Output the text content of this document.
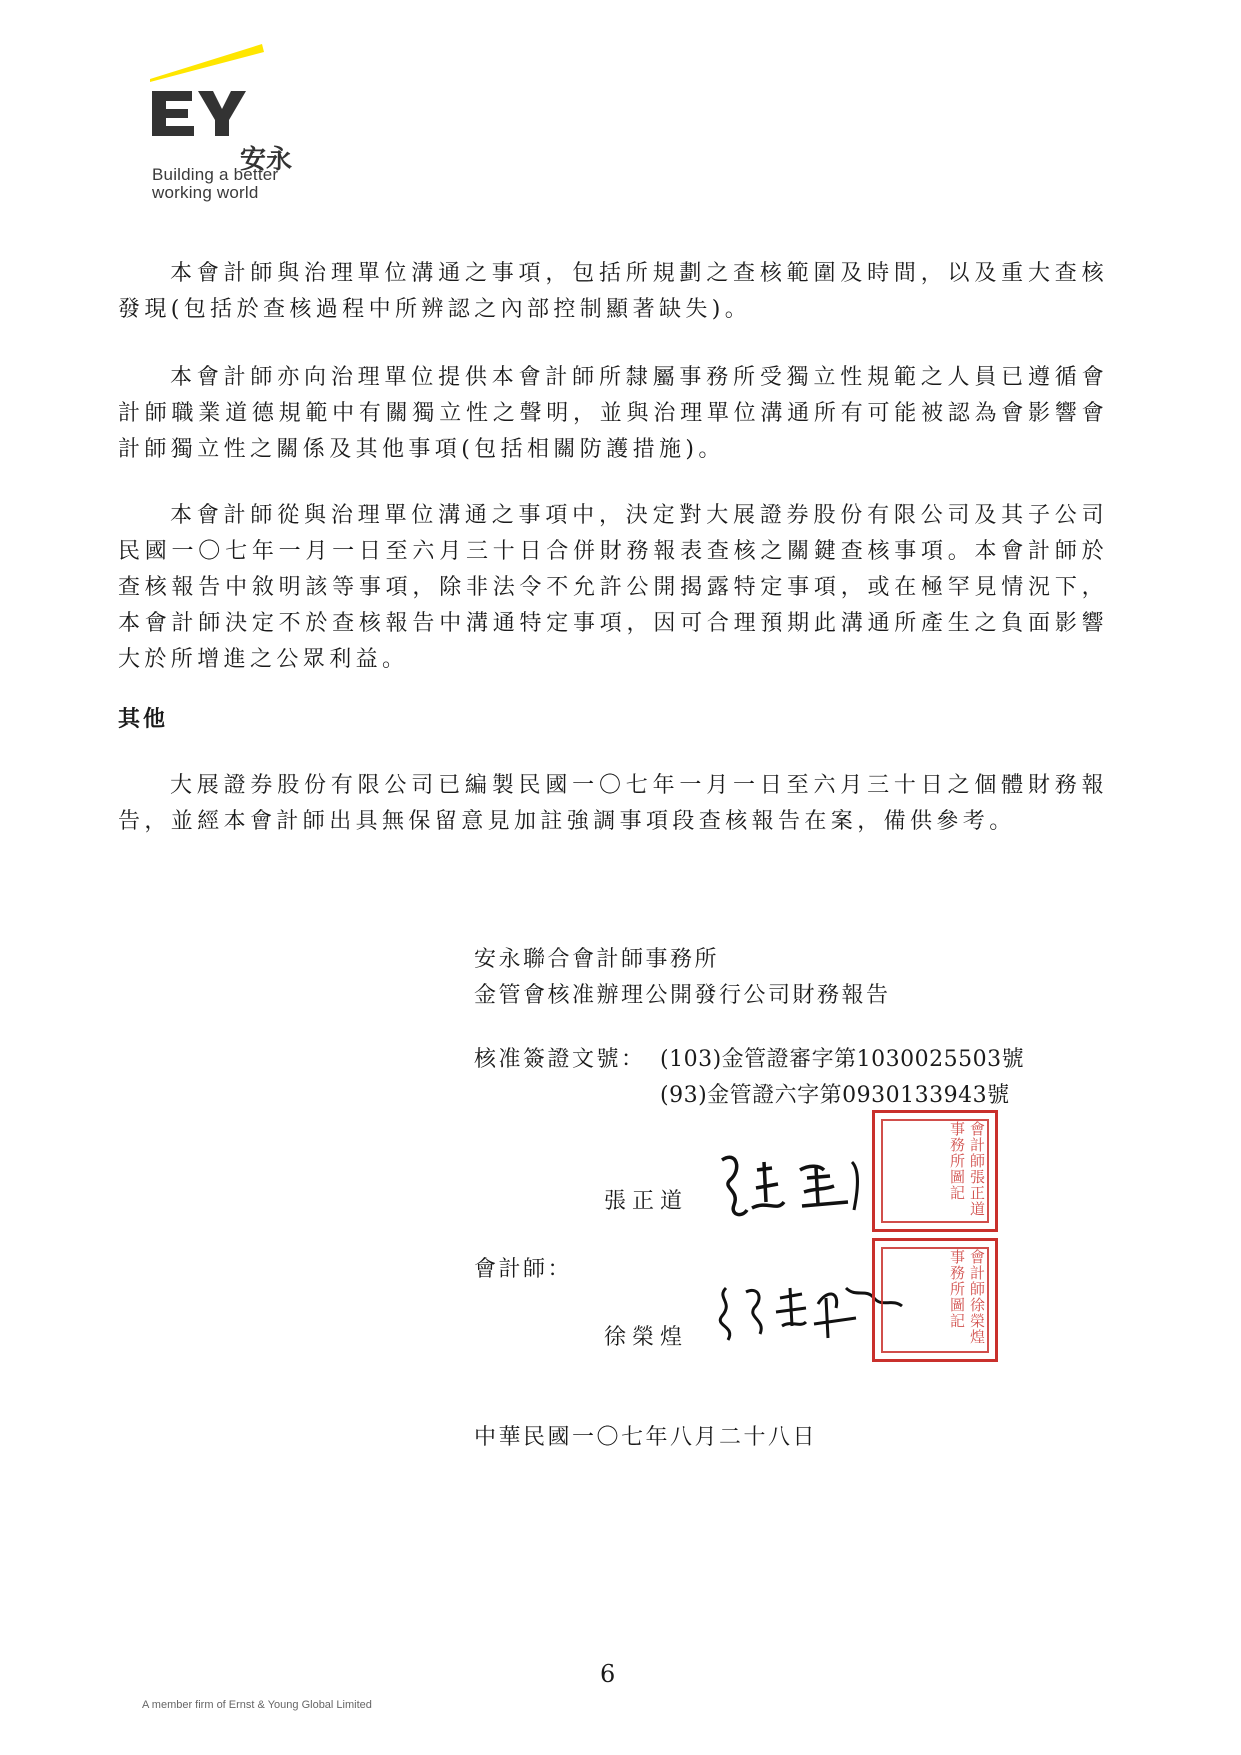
安永
Building a better
working world
本會計師與治理單位溝通之事項，包括所規劃之查核範圍及時間，以及重大查核發現(包括於查核過程中所辨認之內部控制顯著缺失)。
本會計師亦向治理單位提供本會計師所隸屬事務所受獨立性規範之人員已遵循會計師職業道德規範中有關獨立性之聲明，並與治理單位溝通所有可能被認為會影響會計師獨立性之關係及其他事項(包括相關防護措施)。
本會計師從與治理單位溝通之事項中，決定對大展證券股份有限公司及其子公司民國一〇七年一月一日至六月三十日合併財務報表查核之關鍵查核事項。本會計師於查核報告中敘明該等事項，除非法令不允許公開揭露特定事項，或在極罕見情況下，本會計師決定不於查核報告中溝通特定事項，因可合理預期此溝通所產生之負面影響大於所增進之公眾利益。
其他
大展證券股份有限公司已編製民國一〇七年一月一日至六月三十日之個體財務報告，並經本會計師出具無保留意見加註強調事項段查核報告在案，備供參考。
安永聯合會計師事務所
金管會核准辦理公開發行公司財務報告
核准簽證文號： (103)金管證審字第1030025503號
(93)金管證六字第0930133943號
張正道
會計師：
徐榮煌
會計師張正道事務所圖記
會計師徐榮煌事務所圖記
中華民國一〇七年八月二十八日
6
A member firm of Ernst & Young Global Limited
